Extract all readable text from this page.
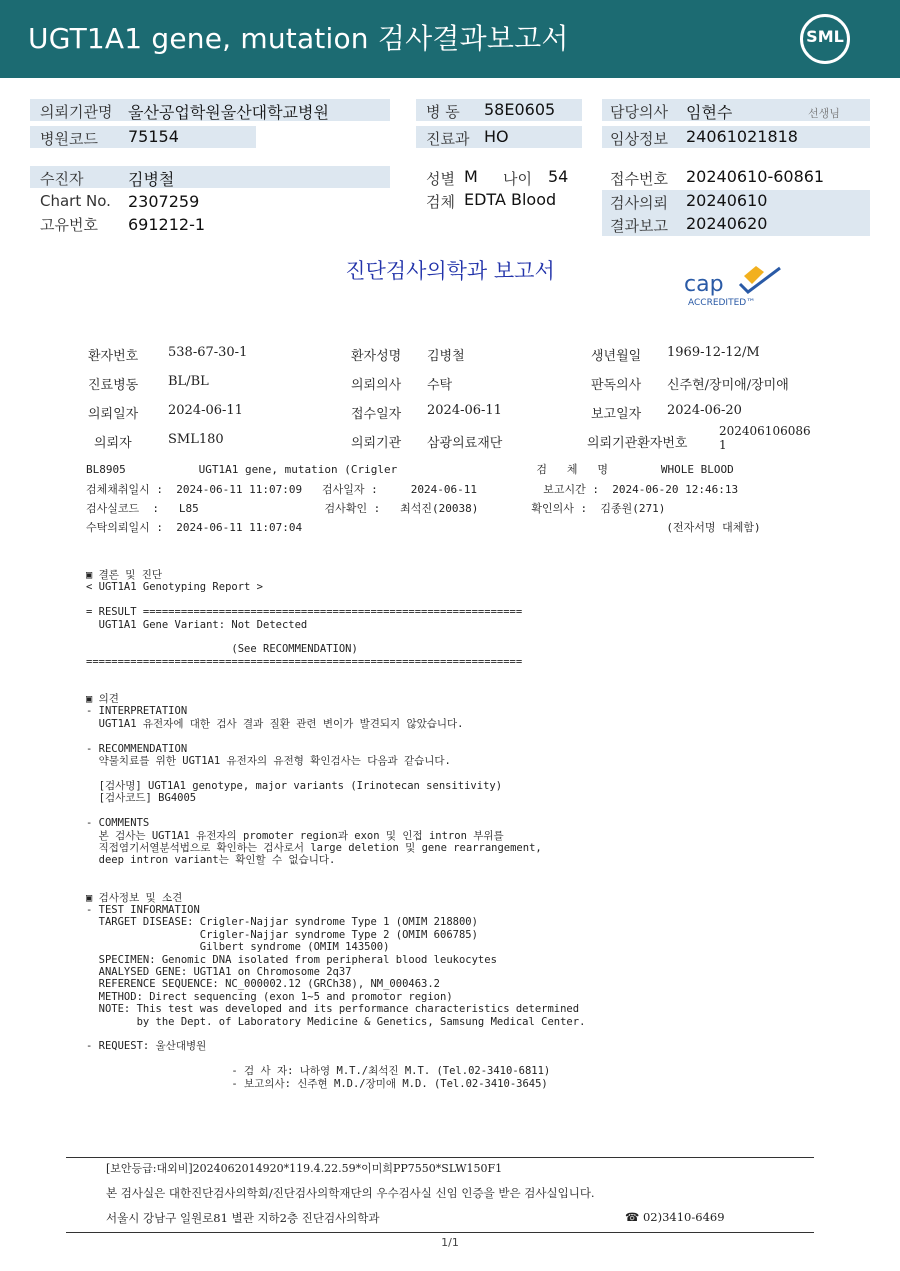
UGT1A1 gene, mutation 검사결과보고서	SML
의뢰기관명 울산공업학원울산대학교병원
병원코드 75154
수진자	김병철
Chart No. 2307259
고유번호 691212-1
병 동 58E0605
진료과 HO
성별 M 나이 54
검체 EDTA Blood
담당의사 임현수	선생님
임상정보 24061021818
접수번호 20240610-60861
검사의뢰 20240610
결과보고 20240620
진단검사의학과 보고서
cap
ACCREDITED™
환자번호 538-67-30-1	환자성명 김병철	생년월일 1969-12-12/M
진료병동 BL/BL	의뢰의사 수탁	판독의사 신주현/장미애/장미애
의뢰일자 2024-06-11	접수일자 2024-06-11	보고일자 2024-06-20
의뢰자	SML180	의뢰기관 삼광의료재단	의뢰기관환자번호
202406106086
1
BL8905           UGT1A1 gene, mutation (Crigler                     검   체   명        WHOLE BLOOD
검체채취일시 :  2024-06-11 11:07:09   검사일자 :     2024-06-11          보고시간 :  2024-06-20 12:46:13
검사실코드  :   L85                   검사확인 :   최석진(20038)        확인의사 :  김종원(271)
수탁의뢰일시 :  2024-06-11 11:07:04                                                       (전자서명 대체함)
▣ 결론 및 진단
< UGT1A1 Genotyping Report >

= RESULT ============================================================
UGT1A1 Gene Variant: Not Detected

(See RECOMMENDATION)
=====================================================================

▣ 의견
- INTERPRETATION
UGT1A1 유전자에 대한 검사 결과 질환 관련 변이가 발견되지 않았습니다.

- RECOMMENDATION
약물치료를 위한 UGT1A1 유전자의 유전형 확인검사는 다음과 같습니다.

[검사명] UGT1A1 genotype, major variants (Irinotecan sensitivity)
[검사코드] BG4005

- COMMENTS
본 검사는 UGT1A1 유전자의 promoter region과 exon 및 인접 intron 부위를
직접염기서열분석법으로 확인하는 검사로서 large deletion 및 gene rearrangement,
deep intron variant는 확인할 수 없습니다.

▣ 검사정보 및 소견
- TEST INFORMATION
TARGET DISEASE: Crigler-Najjar syndrome Type 1 (OMIM 218800)
Crigler-Najjar syndrome Type 2 (OMIM 606785)
Gilbert syndrome (OMIM 143500)
SPECIMEN: Genomic DNA isolated from peripheral blood leukocytes
ANALYSED GENE: UGT1A1 on Chromosome 2q37
REFERENCE SEQUENCE: NC_000002.12 (GRCh38), NM_000463.2
METHOD: Direct sequencing (exon 1~5 and promotor region)
NOTE: This test was developed and its performance characteristics determined
by the Dept. of Laboratory Medicine & Genetics, Samsung Medical Center.

- REQUEST: 울산대병원

- 검 사 자: 나하영 M.T./최석진 M.T. (Tel.02-3410-6811)
- 보고의사: 신주현 M.D./장미애 M.D. (Tel.02-3410-3645)
[보안등급:대외비]2024062014920*119.4.22.59*이미희PP7550*SLW150F1
본 검사실은 대한진단검사의학회/진단검사의학재단의 우수검사실 신임 인증을 받은 검사실입니다.
서울시 강남구 일원로81 별관 지하2층 진단검사의학과	☎ 02)3410-6469
1/1
